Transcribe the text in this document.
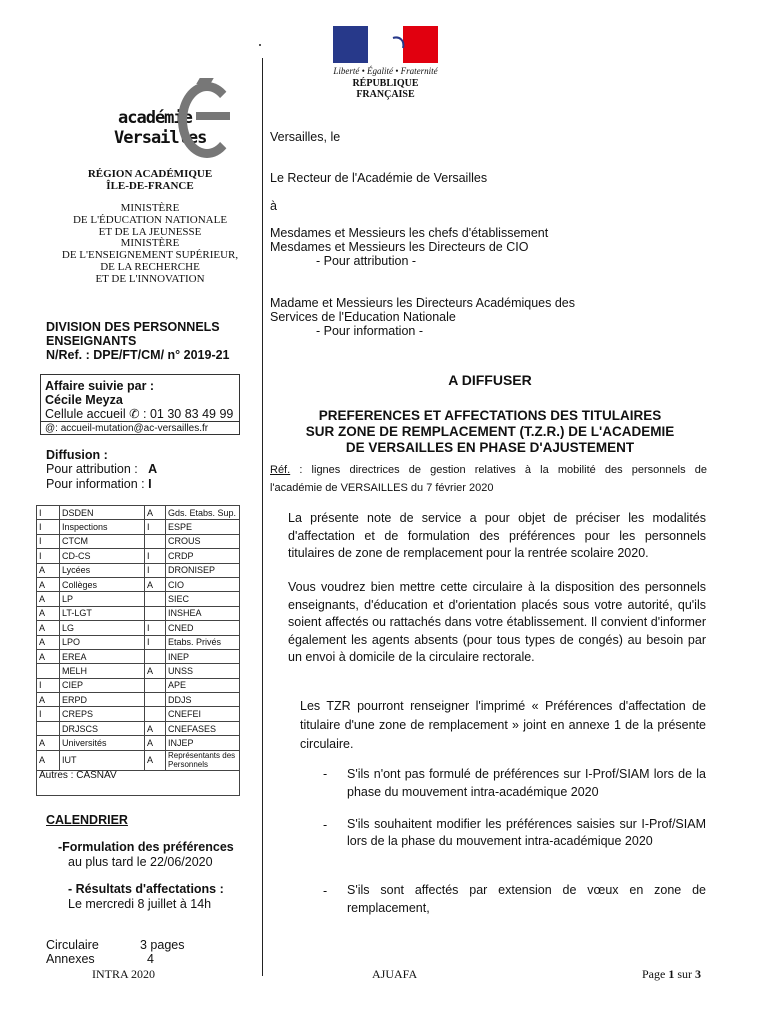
Liberté • Égalité • Fraternité
RÉPUBLIQUE FRANÇAISE
académie
Versailles
RÉGION ACADÉMIQUE
ÎLE-DE-FRANCE
MINISTÈRE
DE L'ÉDUCATION NATIONALE
ET DE LA JEUNESSE
MINISTÈRE
DE L'ENSEIGNEMENT SUPÉRIEUR,
DE LA RECHERCHE
ET DE L'INNOVATION
DIVISION DES PERSONNELS
ENSEIGNANTS
N/Ref. : DPE/FT/CM/ n° 2019-21
Affaire suivie par :
Cécile Meyza
Cellule accueil ✆ : 01 30 83 49 99
@: accueil-mutation@ac-versailles.fr
Diffusion :
Pour attribution : A
Pour information : I
I	DSDEN	A	Gds. Etabs. Sup.
I	Inspections	I	ESPE
I	CTCM		CROUS
I	CD-CS	I	CRDP
A	Lycées	I	DRONISEP
A	Collèges	A	CIO
A	LP		SIEC
A	LT-LGT		INSHEA
A	LG	I	CNED
A	LPO	I	Etabs. Privés
A	EREA		INEP
	MELH	A	UNSS
I	CIEP		APE
A	ERPD		DDJS
I	CREPS		CNEFEI
	DRJSCS	A	CNEFASES
A	Universités	A	INJEP
A	IUT	A	Représentants des Personnels
Autres : CASNAV			
CALENDRIER
-Formulation des préférences
au plus tard le 22/06/2020
- Résultats d'affectations :
Le mercredi 8 juillet à 14h
Circulaire	3 pages
Annexes	4
INTRA 2020	AJUAFA	Page 1 sur 3
Versailles, le
Le Recteur de l'Académie de Versailles
à
Mesdames et Messieurs les chefs d'établissement
Mesdames et Messieurs les Directeurs de CIO
- Pour attribution -
Madame et Messieurs les Directeurs Académiques des
Services de l'Education Nationale
- Pour information -
A DIFFUSER
PREFERENCES ET AFFECTATIONS DES TITULAIRES
SUR ZONE DE REMPLACEMENT (T.Z.R.) DE L'ACADEMIE
DE VERSAILLES EN PHASE D'AJUSTEMENT
Réf. : lignes directrices de gestion relatives à la mobilité des personnels de
l'académie de VERSAILLES du 7 février 2020
La présente note de service a pour objet de préciser les modalités d'affectation et de formulation des préférences pour les personnels titulaires de zone de remplacement pour la rentrée scolaire 2020.
Vous voudrez bien mettre cette circulaire à la disposition des personnels enseignants, d'éducation et d'orientation placés sous votre autorité, qu'ils soient affectés ou rattachés dans votre établissement. Il convient d'informer également les agents absents (pour tous types de congés) au besoin par un envoi à domicile de la circulaire rectorale.
Les TZR pourront renseigner l'imprimé « Préférences d'affectation de titulaire d'une zone de remplacement » joint en annexe 1 de la présente circulaire.
- S'ils n'ont pas formulé de préférences sur I-Prof/SIAM lors de la phase du mouvement intra-académique 2020
- S'ils souhaitent modifier les préférences saisies sur I-Prof/SIAM lors de la phase du mouvement intra-académique 2020
- S'ils sont affectés par extension de vœux en zone de remplacement,
